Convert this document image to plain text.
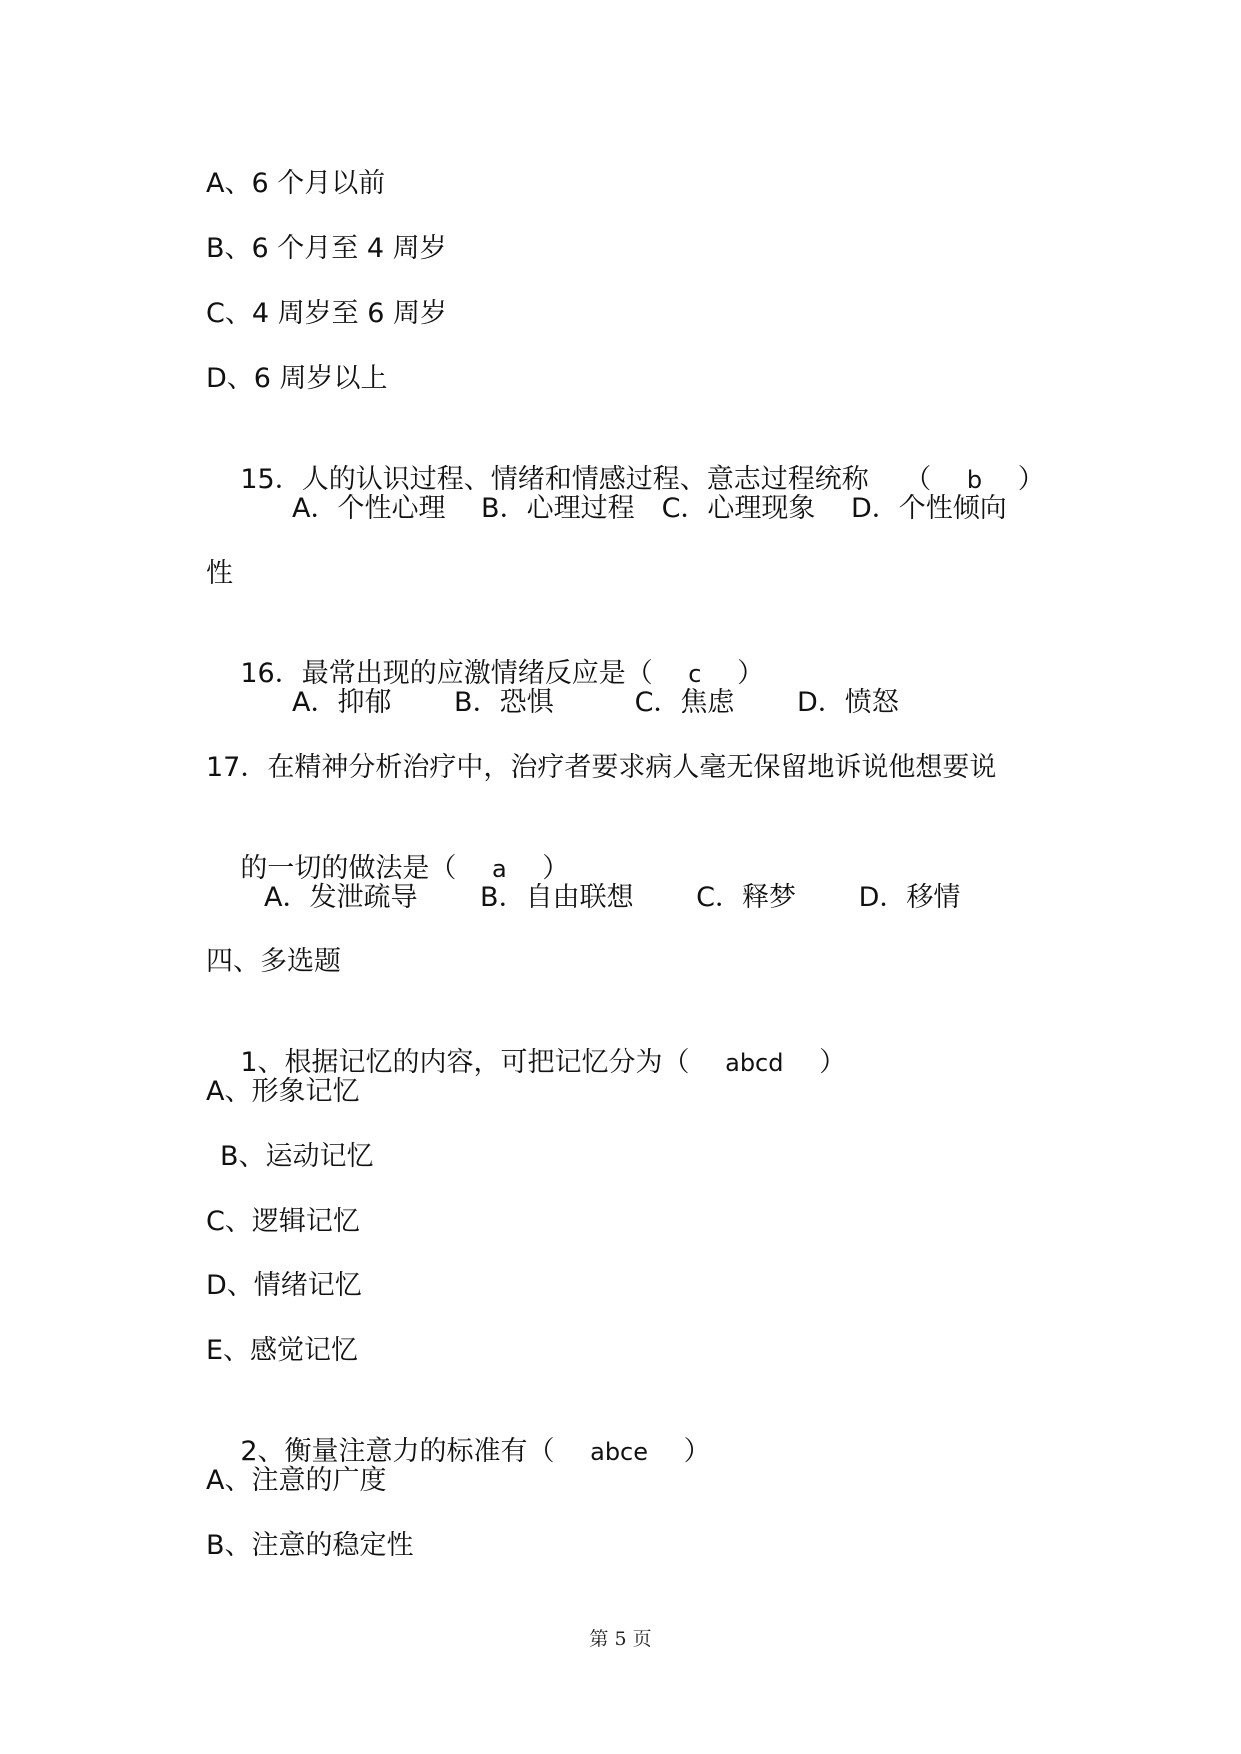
A、6 个月以前
B、6 个月至 4 周岁
C、4 周岁至 6 周岁
D、6 周岁以上

15．人的认识过程、情绪和情感过程、意志过程统称　 （　 b　 ）

A．个性心理　 B．心理过程　C．心理现象　 D．个性倾向
性

16．最常出现的应激情绪反应是（　 c　 ）

A．抑郁　　 B．恐惧　　　C．焦虑　　 D．愤怒
17．在精神分析治疗中，治疗者要求病人毫无保留地诉说他想要说

的一切的做法是（　 a　 ）

A．发泄疏导　　 B．自由联想　　 C．释梦　　 D．移情
四、多选题

1、根据记忆的内容，可把记忆分为（　 abcd　 ）

A、形象记忆
B、运动记忆
C、逻辑记忆
D、情绪记忆
E、感觉记忆

2、衡量注意力的标准有（　 abce　 ）

A、注意的广度
B、注意的稳定性
第 5 页
